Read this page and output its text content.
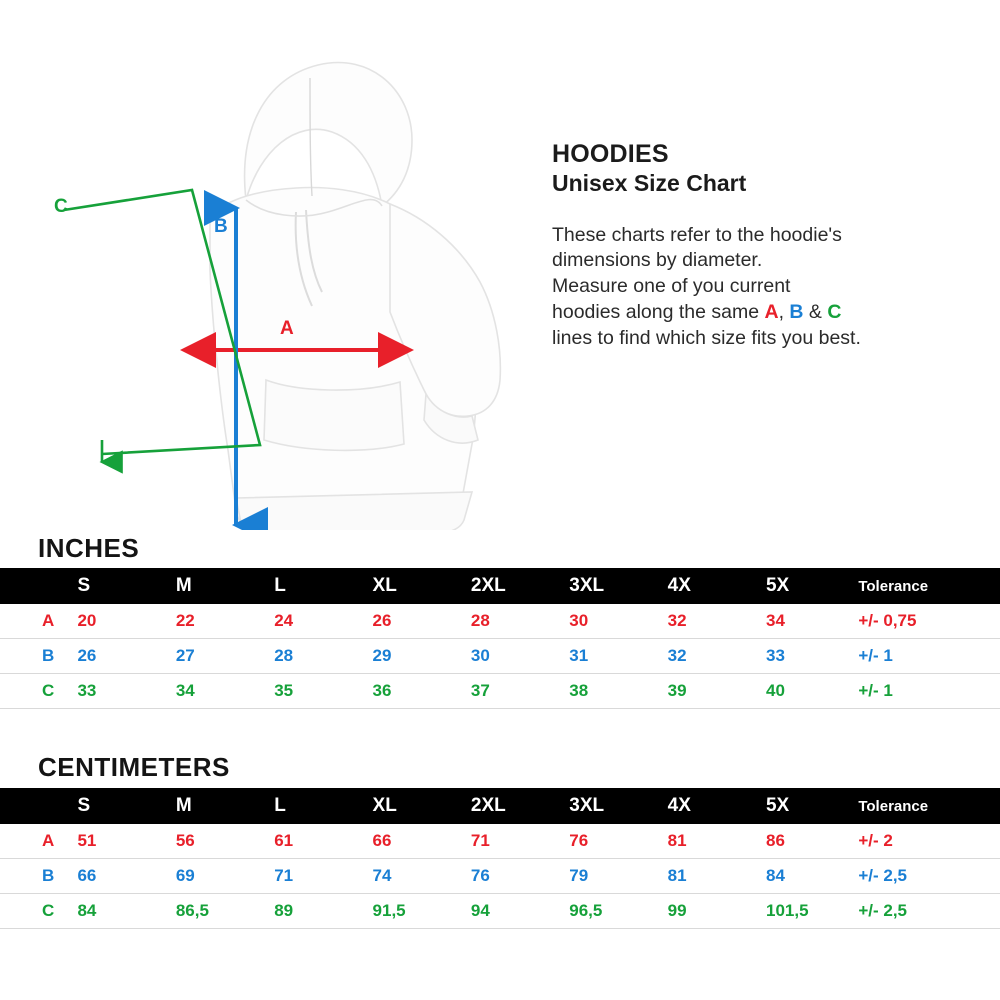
A
B
C
HOODIES
Unisex Size Chart
These charts refer to the hoodie's
dimensions by diameter.
Measure one of you current
hoodies along the same A, B & C
lines to find which size fits you best.
INCHES

	S	M	L	XL	2XL	3XL	4X	5X	Tolerance

A	20	22	24	26	28	30	32	34	+/- 0,75

B	26	27	28	29	30	31	32	33	+/- 1

C	33	34	35	36	37	38	39	40	+/- 1
CENTIMETERS

	S	M	L	XL	2XL	3XL	4X	5X	Tolerance

A	51	56	61	66	71	76	81	86	+/- 2

B	66	69	71	74	76	79	81	84	+/- 2,5

C	84	86,5	89	91,5	94	96,5	99	101,5	+/- 2,5
